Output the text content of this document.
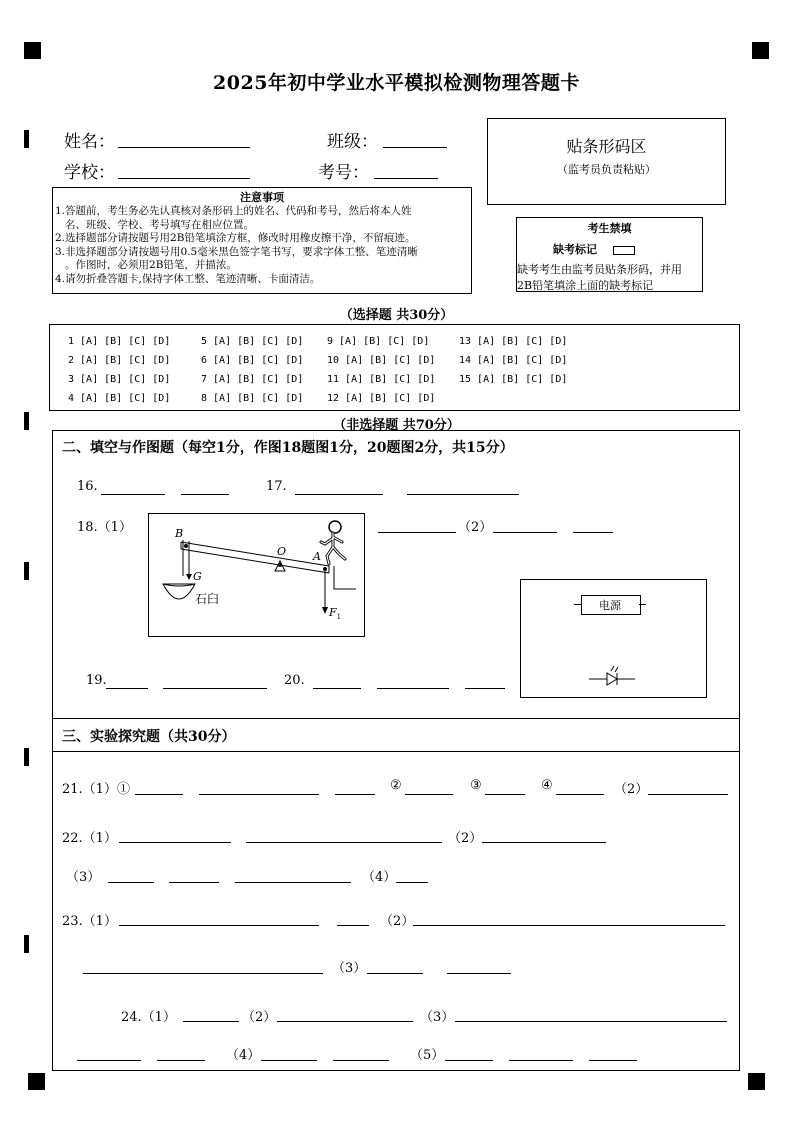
2025年初中学业水平模拟检测物理答题卡
姓名：	班级：
学校：	考号：
贴条形码区
（监考员负责粘贴）
注意事项
1.答题前，考生务必先认真核对条形码上的姓名、代码和考号，然后将本人姓
名、班级、学校、考号填写在相应位置。
2.选择题部分请按题号用2B铅笔填涂方框，修改时用橡皮擦干净，不留痕迹。
3.非选择题部分请按题号用0.5毫米黑色签字笔书写，要求字体工整、笔迹清晰
。作图时，必须用2B铅笔，并描浓。
4.请勿折叠答题卡,保持字体工整、笔迹清晰、卡面清洁。
考生禁填
缺考标记
缺考考生由监考员贴条形码，并用
2B铅笔填涂上面的缺考标记
（选择题 共30分）
1 [A] [B] [C] [D]	5 [A] [B] [C] [D] 9 [A] [B] [C] [D]	13 [A] [B] [C] [D]
2 [A] [B] [C] [D]	6 [A] [B] [C] [D] 10 [A] [B] [C] [D] 14 [A] [B] [C] [D]
3 [A] [B] [C] [D]	7 [A] [B] [C] [D] 11 [A] [B] [C] [D] 15 [A] [B] [C] [D]
4 [A] [B] [C] [D]	8 [A] [B] [C] [D] 12 [A] [B] [C] [D]
（非选择题 共70分）
二、填空与作图题（每空1分，作图18题图1分，20题图2分，共15分）
16.	17.
18.（1）	B
O A
G
石臼
$F_1$
（2）
电源
19.	20.
三、实验探究题（共30分）
21.（1）①	②	③	④	（2）
22.（1）	（2）
（3）	（4）
23.（1）	（2）
（3）
24.（1）	（2）	（3）
（4）	（5）
